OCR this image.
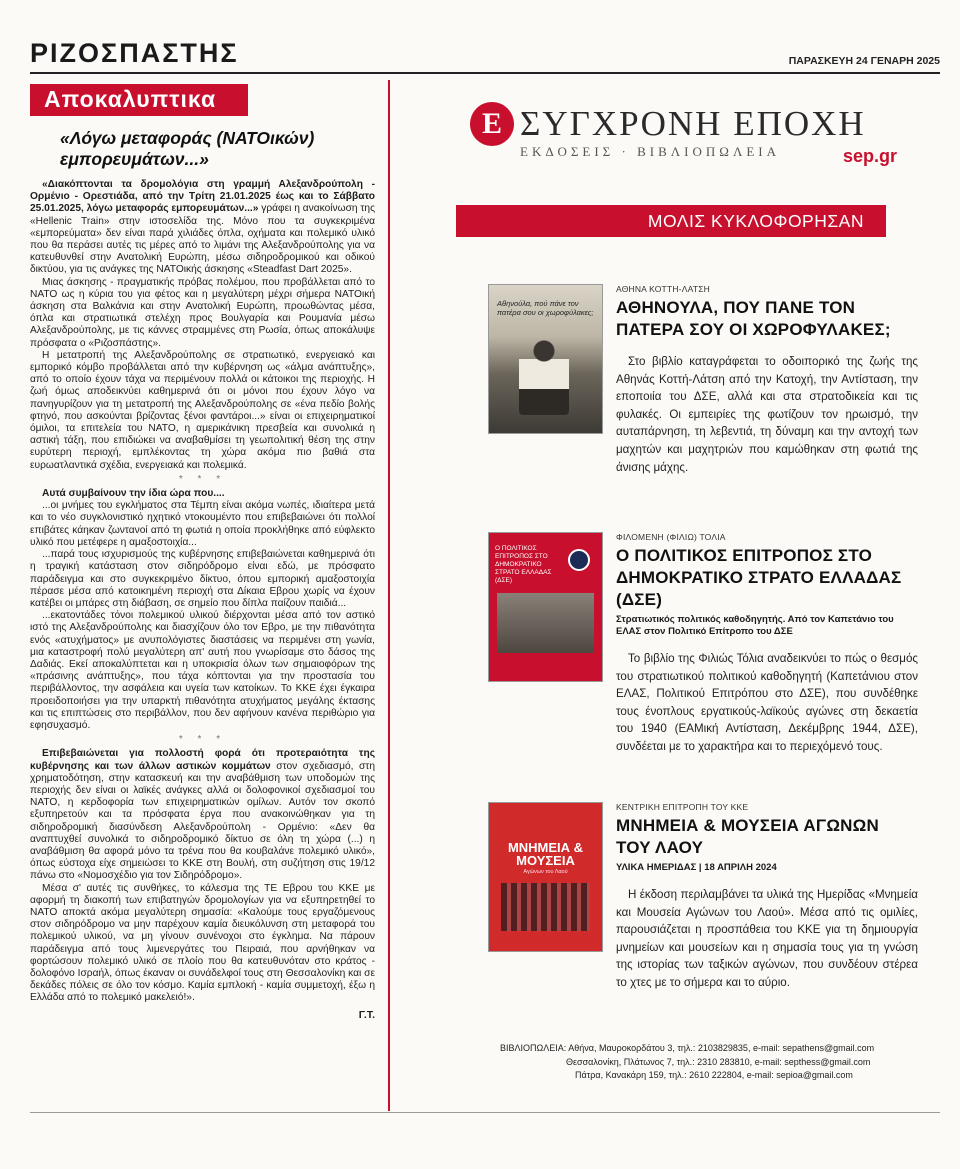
ΡΙΖΟΣΠΑΣΤΗΣ	ΠΑΡΑΣΚΕΥΗ 24 ΓΕΝΑΡΗ 2025
Αποκαλυπτικα
«Λόγω μεταφοράς (ΝΑΤΟικών)
εμπορευμάτων...»

«Διακόπτονται τα δρομολόγια στη γραμμή Αλεξανδρούπολη - Ορμένιο - Ορεστιάδα, από την Τρίτη 21.01.2025 έως και το Σάββατο 25.01.2025, λόγω μεταφοράς εμπορευμάτων...» γράφει η ανακοίνωση της «Hellenic Train» στην ιστοσελίδα της. Μόνο που τα συγκεκριμένα «εμπορεύματα» δεν είναι παρά χιλιάδες όπλα, οχήματα και πολεμικό υλικό που θα περάσει αυτές τις μέρες από το λιμάνι της Αλεξανδρούπολης για να κατευθυνθεί στην Ανατολική Ευρώπη, μέσω σιδηροδρομικού και οδικού δικτύου, για τις ανάγκες της ΝΑΤΟικής άσκησης «Steadfast Dart 2025».

Μιας άσκησης - πραγματικής πρόβας πολέμου, που προβάλλεται από το ΝΑΤΟ ως η κύρια του για φέτος και η μεγαλύτερη μέχρι σήμερα ΝΑΤΟική άσκηση στα Βαλκάνια και στην Ανατολική Ευρώπη, προωθώντας μέσα, όπλα και στρατιωτικά στελέχη προς Βουλγαρία και Ρουμανία μέσω Αλεξανδρούπολης, με τις κάννες στραμμένες στη Ρωσία, όπως αποκάλυψε πρόσφατα ο «Ριζοσπάστης».

Η μετατροπή της Αλεξανδρούπολης σε στρατιωτικό, ενεργειακό και εμπορικό κόμβο προβάλλεται από την κυβέρνηση ως «άλμα ανάπτυξης», από το οποίο έχουν τάχα να περιμένουν πολλά οι κάτοικοι της περιοχής. Η ζωή όμως αποδεικνύει καθημερινά ότι οι μόνοι που έχουν λόγο να πανηγυρίζουν για τη μετατροπή της Αλεξανδρούπολης σε «ένα πεδίο βολής φτηνό, που ασκούνται βρίζοντας ξένοι φαντάροι...» είναι οι επιχειρηματικοί όμιλοι, τα επιτελεία του ΝΑΤΟ, η αμερικάνικη πρεσβεία και συνολικά η αστική τάξη, που επιδιώκει να αναβαθμίσει τη γεωπολιτική θέση της στην ευρύτερη περιοχή, εμπλέκοντας τη χώρα ακόμα πιο βαθιά στα ευρωατλαντικά σχέδια, ενεργειακά και πολεμικά.

* * *

Αυτά συμβαίνουν την ίδια ώρα που....

...οι μνήμες του εγκλήματος στα Τέμπη είναι ακόμα νωπές, ιδιαίτερα μετά και το νέο συγκλονιστικό ηχητικό ντοκουμέντο που επιβεβαιώνει ότι πολλοί επιβάτες κάηκαν ζωντανοί από τη φωτιά η οποία προκλήθηκε από εύφλεκτο υλικό που μετέφερε η αμαξοστοιχία...

...παρά τους ισχυρισμούς της κυβέρνησης επιβεβαιώνεται καθημερινά ότι η τραγική κατάσταση στον σιδηρόδρομο είναι εδώ, με πρόσφατο παράδειγμα και στο συγκεκριμένο δίκτυο, όπου εμπορική αμαξοστοιχία πέρασε μέσα από κατοικημένη περιοχή στα Δίκαια Εβρου χωρίς να έχουν κατέβει οι μπάρες στη διάβαση, σε σημείο που δίπλα παίζουν παιδιά...

...εκατοντάδες τόνοι πολεμικού υλικού διέρχονται μέσα από τον αστικό ιστό της Αλεξανδρούπολης και διασχίζουν όλο τον Εβρο, με την πιθανότητα ενός «ατυχήματος» με ανυπολόγιστες διαστάσεις να περιμένει στη γωνία, μια καταστροφή πολύ μεγαλύτερη απ' αυτή που γνωρίσαμε στο δάσος της Δαδιάς. Εκεί αποκαλύπτεται και η υποκρισία όλων των σημαιοφόρων της «πράσινης ανάπτυξης», που τάχα κόπτονται για την προστασία του περιβάλλοντος, την ασφάλεια και υγεία των κατοίκων. Το ΚΚΕ έχει έγκαιρα προειδοποιήσει για την υπαρκτή πιθανότητα ατυχήματος μεγάλης έκτασης και τις επιπτώσεις στο περιβάλλον, που δεν αφήνουν κανένα περιθώριο για εφησυχασμό.

* * *

Επιβεβαιώνεται για πολλοστή φορά ότι προτεραιότητα της κυβέρνησης και των άλλων αστικών κομμάτων στον σχεδιασμό, στη χρηματοδότηση, στην κατασκευή και την αναβάθμιση των υποδομών της περιοχής δεν είναι οι λαϊκές ανάγκες αλλά οι δολοφονικοί σχεδιασμοί του ΝΑΤΟ, η κερδοφορία των επιχειρηματικών ομίλων. Αυτόν τον σκοπό εξυπηρετούν και τα πρόσφατα έργα που ανακοινώθηκαν για τη σιδηροδρομική διασύνδεση Αλεξανδρούπολη - Ορμένιο: «Δεν θα αναπτυχθεί συνολικά το σιδηροδρομικό δίκτυο σε όλη τη χώρα (...) η αναβάθμιση θα αφορά μόνο τα τρένα που θα κουβαλάνε πολεμικό υλικό», όπως εύστοχα είχε σημειώσει το ΚΚΕ στη Βουλή, στη συζήτηση στις 19/12 πάνω στο «Νομοσχέδιο για τον Σιδηρόδρομο».

Μέσα σ' αυτές τις συνθήκες, το κάλεσμα της ΤΕ Εβρου του ΚΚΕ με αφορμή τη διακοπή των επιβατηγών δρομολογίων για να εξυπηρετηθεί το ΝΑΤΟ αποκτά ακόμα μεγαλύτερη σημασία: «Καλούμε τους εργαζόμενους στον σιδηρόδρομο να μην παρέχουν καμία διευκόλυνση στη μεταφορά του πολεμικού υλικού, να μη γίνουν συνένοχοι στο έγκλημα. Να πάρουν παράδειγμα από τους λιμενεργάτες του Πειραιά, που αρνήθηκαν να φορτώσουν πολεμικό υλικό σε πλοίο που θα κατευθυνόταν στο κράτος - δολοφόνο Ισραήλ, όπως έκαναν οι συνάδελφοί τους στη Θεσσαλονίκη και σε δεκάδες πόλεις σε όλο τον κόσμο. Καμία εμπλοκή - καμία συμμετοχή, έξω η Ελλάδα από το πολεμικό μακελειό!».

Γ.Τ.
Ε ΣΥΓΧΡΟΝΗ ΕΠΟΧΗ
ΕΚΔΟΣΕΙΣ · ΒΙΒΛΙΟΠΩΛΕΙΑ	sep.gr
ΜΟΛΙΣ ΚΥΚΛΟΦΟΡΗΣΑΝ
Αθηνούλα, πού πάνε τον πατέρα σου οι χωροφύλακες;
ΑΘΗΝΑ ΚΟΤΤΗ-ΛΑΤΣΗ
ΑΘΗΝΟΥΛΑ, ΠΟΥ ΠΑΝΕ ΤΟΝ ΠΑΤΕΡΑ ΣΟΥ ΟΙ ΧΩΡΟΦΥΛΑΚΕΣ;
Στο βιβλίο καταγράφεται το οδοιπορικό της ζωής της Αθηνάς Κοττή-Λάτση από την Κατοχή, την Αντίσταση, την εποποιία του ΔΣΕ, αλλά και στα στρατοδικεία και τις φυλακές. Οι εμπειρίες της φωτίζουν τον ηρωισμό, την αυταπάρνηση, τη λεβεντιά, τη δύναμη και την αντοχή των μαχητών και μαχητριών που καμώθηκαν στη φωτιά της άνισης μάχης.
Ο ΠΟΛΙΤΙΚΟΣ ΕΠΙΤΡΟΠΟΣ ΣΤΟ ΔΗΜΟΚΡΑΤΙΚΟ ΣΤΡΑΤΟ ΕΛΛΑΔΑΣ (ΔΣΕ)
ΦΙΛΟΜΕΝΗ (ΦΙΛΙΩ) ΤΟΛΙΑ
Ο ΠΟΛΙΤΙΚΟΣ ΕΠΙΤΡΟΠΟΣ ΣΤΟ ΔΗΜΟΚΡΑΤΙΚΟ ΣΤΡΑΤΟ ΕΛΛΑΔΑΣ (ΔΣΕ)
Στρατιωτικός πολιτικός καθοδηγητής. Από τον Καπετάνιο του ΕΛΑΣ στον Πολιτικό Επίτροπο του ΔΣΕ
Το βιβλίο της Φιλιώς Τόλια αναδεικνύει το πώς ο θεσμός του στρατιωτικού πολιτικού καθοδηγητή (Καπετάνιου στον ΕΛΑΣ, Πολιτικού Επιτρόπου στο ΔΣΕ), που συνδέθηκε τους ένοπλους εργατικούς-λαϊκούς αγώνες στη δεκαετία του 1940 (ΕΑΜική Αντίσταση, Δεκέμβρης 1944, ΔΣΕ), συνδέεται με το χαρακτήρα και το περιεχόμενό τους.
ΜΝΗΜΕΙΑ & ΜΟΥΣΕΙΑ
Αγώνων του Λαού
ΚΕΝΤΡΙΚΗ ΕΠΙΤΡΟΠΗ ΤΟΥ ΚΚΕ
ΜΝΗΜΕΙΑ & ΜΟΥΣΕΙΑ ΑΓΩΝΩΝ ΤΟΥ ΛΑΟΥ
ΥΛΙΚΑ ΗΜΕΡΙΔΑΣ | 18 ΑΠΡΙΛΗ 2024
Η έκδοση περιλαμβάνει τα υλικά της Ημερίδας «Μνημεία και Μουσεία Αγώνων του Λαού». Μέσα από τις ομιλίες, παρουσιάζεται η προσπάθεια του ΚΚΕ για τη δημιουργία μνημείων και μουσείων και η σημασία τους για τη γνώση της ιστορίας των ταξικών αγώνων, που συνδέουν στέρεα το χτες με το σήμερα και το αύριο.
ΒΙΒΛΙΟΠΩΛΕΙΑ: Αθήνα, Μαυροκορδάτου 3, τηλ.: 2103829835, e-mail: sepathens@gmail.com
Θεσσαλονίκη, Πλάτωνος 7, τηλ.: 2310 283810, e-mail: septhess@gmail.com
Πάτρα, Κανακάρη 159, τηλ.: 2610 222804, e-mail: sepioa@gmail.com
